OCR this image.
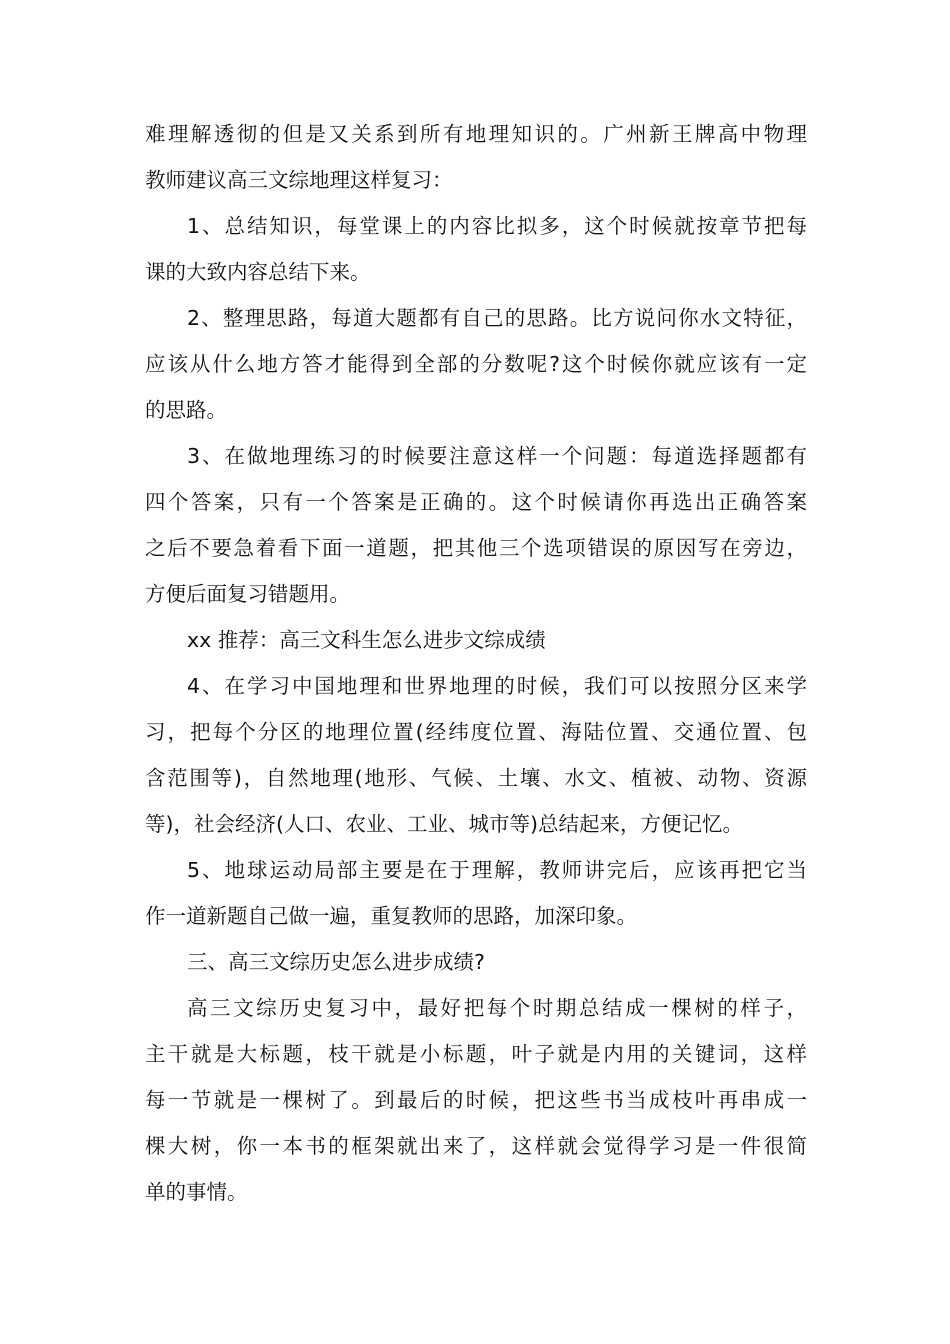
难理解透彻的但是又关系到所有地理知识的。广州新王牌高中物理
教师建议高三文综地理这样复习：
1、总结知识，每堂课上的内容比拟多，这个时候就按章节把每
课的大致内容总结下来。
2、整理思路，每道大题都有自己的思路。比方说问你水文特征，
应该从什么地方答才能得到全部的分数呢?这个时候你就应该有一定
的思路。
3、在做地理练习的时候要注意这样一个问题：每道选择题都有
四个答案，只有一个答案是正确的。这个时候请你再选出正确答案
之后不要急着看下面一道题，把其他三个选项错误的原因写在旁边，
方便后面复习错题用。
xx 推荐：高三文科生怎么进步文综成绩
4、在学习中国地理和世界地理的时候，我们可以按照分区来学
习，把每个分区的地理位置(经纬度位置、海陆位置、交通位置、包
含范围等)，自然地理(地形、气候、土壤、水文、植被、动物、资源
等)，社会经济(人口、农业、工业、城市等)总结起来，方便记忆。
5、地球运动局部主要是在于理解，教师讲完后，应该再把它当
作一道新题自己做一遍，重复教师的思路，加深印象。
三、高三文综历史怎么进步成绩?
高三文综历史复习中，最好把每个时期总结成一棵树的样子，
主干就是大标题，枝干就是小标题，叶子就是内用的关键词，这样
每一节就是一棵树了。到最后的时候，把这些书当成枝叶再串成一
棵大树，你一本书的框架就出来了，这样就会觉得学习是一件很简
单的事情。
